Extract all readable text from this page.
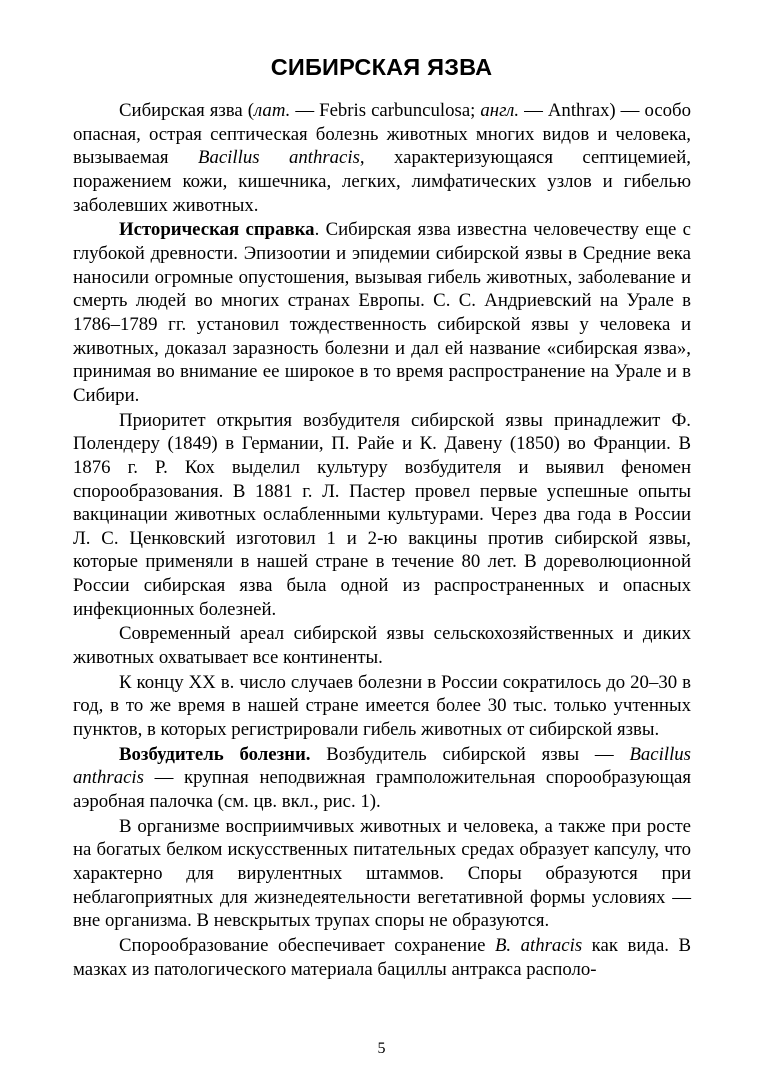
СИБИРСКАЯ ЯЗВА

Сибирская язва (лат. — Febris carbunculosa; англ. — Anthrax) — особо опасная, острая септическая болезнь животных многих видов и человека, вызываемая Bacillus anthracis, характеризующаяся септицемией, поражением кожи, кишечника, легких, лимфатических узлов и гибелью заболевших животных.

Историческая справка. Сибирская язва известна человечеству еще с глубокой древности. Эпизоотии и эпидемии сибирской язвы в Средние века наносили огромные опустошения, вызывая гибель животных, заболевание и смерть людей во многих странах Европы. С. С. Андриевский на Урале в 1786–1789 гг. установил тождественность сибирской язвы у человека и животных, доказал заразность болезни и дал ей название «сибирская язва», принимая во внимание ее широкое в то время распространение на Урале и в Сибири.

Приоритет открытия возбудителя сибирской язвы принадлежит Ф. Полендеру (1849) в Германии, П. Райе и К. Давену (1850) во Франции. В 1876 г. Р. Кох выделил культуру возбудителя и выявил феномен спорообразования. В 1881 г. Л. Пастер провел первые успешные опыты вакцинации животных ослабленными культурами. Через два года в России Л. С. Ценковский изготовил 1 и 2-ю вакцины против сибирской язвы, которые применяли в нашей стране в течение 80 лет. В дореволюционной России сибирская язва была одной из распространенных и опасных инфекционных болезней.

Современный ареал сибирской язвы сельскохозяйственных и диких животных охватывает все континенты.

К концу XX в. число случаев болезни в России сократилось до 20–30 в год, в то же время в нашей стране имеется более 30 тыс. только учтенных пунктов, в которых регистрировали гибель животных от сибирской язвы.

Возбудитель болезни. Возбудитель сибирской язвы — Bacillus anthracis — крупная неподвижная грамположительная спорообразующая аэробная палочка (см. цв. вкл., рис. 1).

В организме восприимчивых животных и человека, а также при росте на богатых белком искусственных питательных средах образует капсулу, что характерно для вирулентных штаммов. Споры образуются при неблагоприятных для жизнедеятельности вегетативной формы условиях — вне организма. В невскрытых трупах споры не образуются.

Спорообразование обеспечивает сохранение B. athracis как вида. В мазках из патологического материала бациллы антракса располо-

5
